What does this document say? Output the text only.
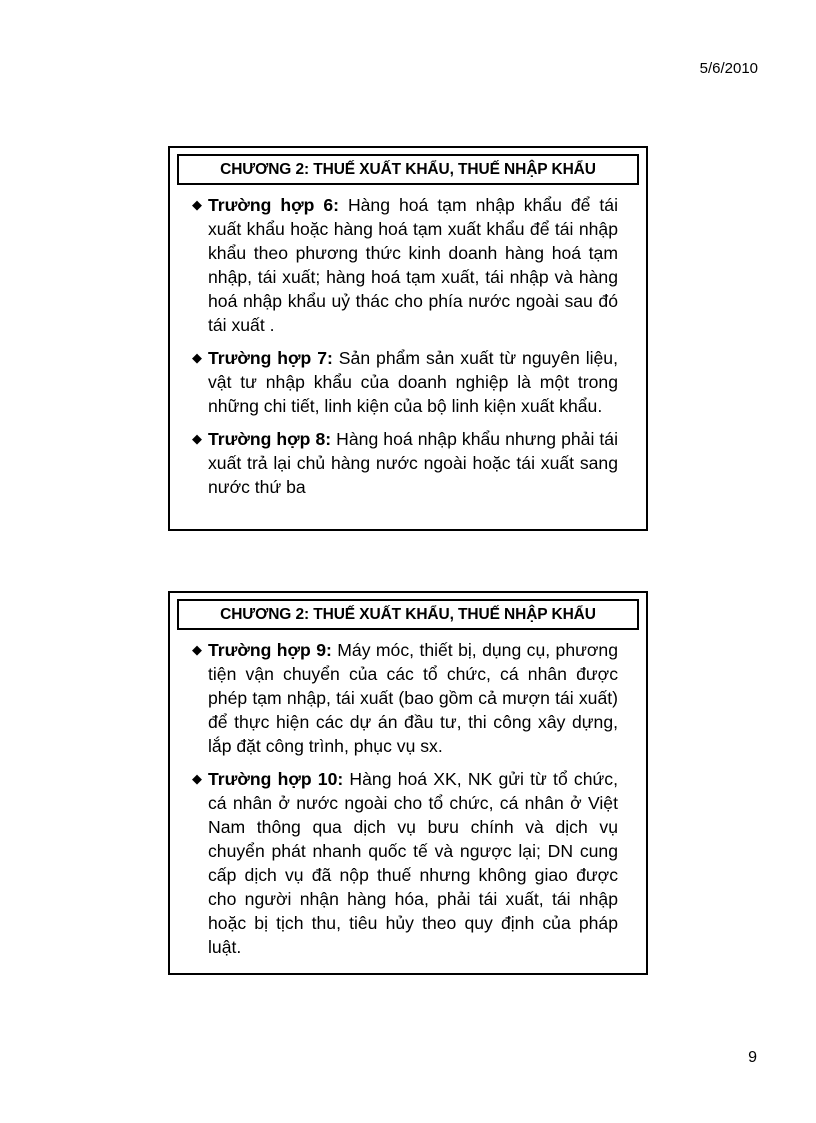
5/6/2010
CHƯƠNG 2: THUẾ XUẤT KHẨU, THUẾ NHẬP KHẨU
◆ Trường hợp 6: Hàng hoá tạm nhập khẩu để tái xuất khẩu hoặc hàng hoá tạm xuất khẩu để tái nhập khẩu theo phương thức kinh doanh hàng hoá tạm nhập, tái xuất; hàng hoá tạm xuất, tái nhập và hàng hoá nhập khẩu uỷ thác cho phía nước ngoài sau đó tái xuất .
◆ Trường hợp 7: Sản phẩm sản xuất từ nguyên liệu, vật tư nhập khẩu của doanh nghiệp là một trong những chi tiết, linh kiện của bộ linh kiện xuất khẩu.
◆ Trường hợp 8: Hàng hoá nhập khẩu nhưng phải tái xuất trả lại chủ hàng nước ngoài hoặc tái xuất sang nước thứ ba
CHƯƠNG 2: THUẾ XUẤT KHẨU, THUẾ NHẬP KHẨU
◆ Trường hợp 9: Máy móc, thiết bị, dụng cụ, phương tiện vận chuyển của các tổ chức, cá nhân được phép tạm nhập, tái xuất (bao gồm cả mượn tái xuất) để thực hiện các dự án đầu tư, thi công xây dựng, lắp đặt công trình, phục vụ sx.
◆ Trường hợp 10: Hàng hoá XK, NK gửi từ tổ chức, cá nhân ở nước ngoài cho tổ chức, cá nhân ở Việt Nam thông qua dịch vụ bưu chính và dịch vụ chuyển phát nhanh quốc tế và ngược lại; DN cung cấp dịch vụ đã nộp thuế nhưng không giao được cho người nhận hàng hóa, phải tái xuất, tái nhập hoặc bị tịch thu, tiêu hủy theo quy định của pháp luật.
9
